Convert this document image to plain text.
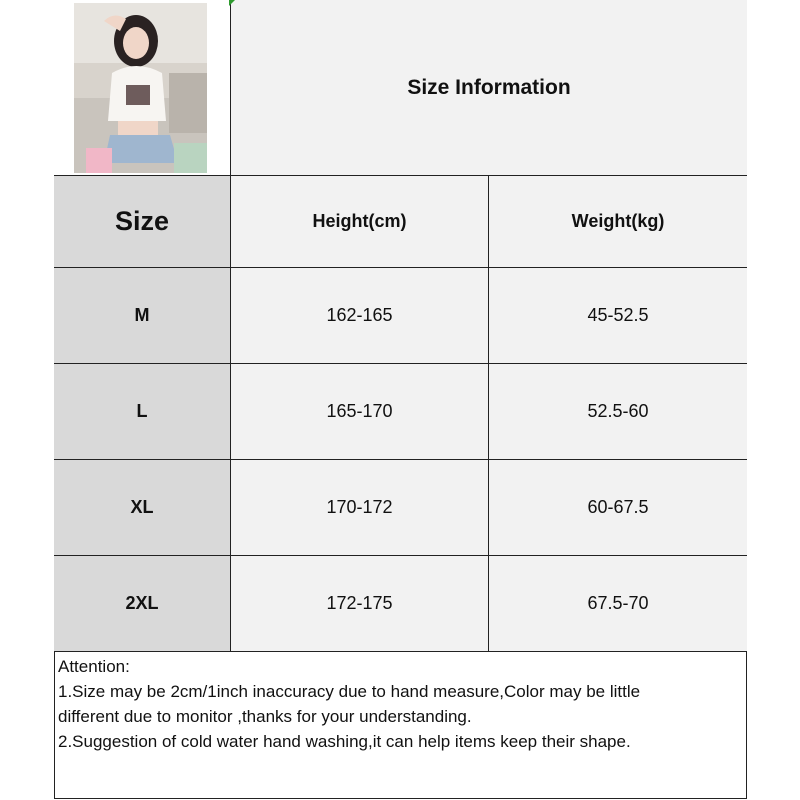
Size Information
Size	Height(cm)	Weight(kg)
M	162-165	45-52.5
L	165-170	52.5-60
XL	170-172	60-67.5
2XL	172-175	67.5-70
Attention:
1.Size may be 2cm/1inch inaccuracy due to hand measure,Color may be little
different due to monitor ,thanks for your understanding.
2.Suggestion of cold water hand washing,it can help items keep their shape.
